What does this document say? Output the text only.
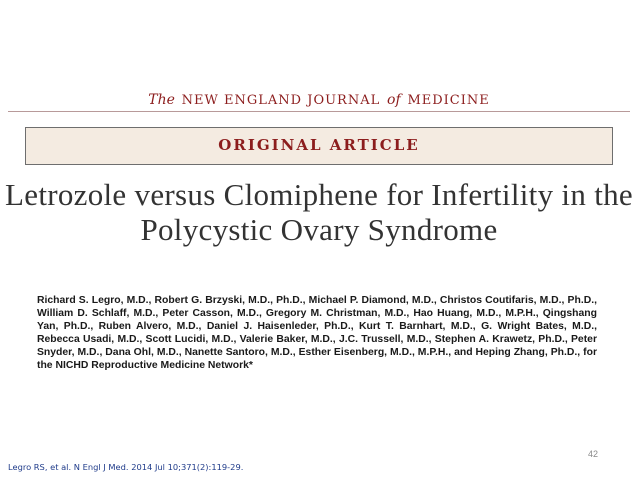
The NEW ENGLAND JOURNAL of MEDICINE
ORIGINAL ARTICLE
Letrozole versus Clomiphene for Infertility in the Polycystic Ovary Syndrome
Richard S. Legro, M.D., Robert G. Brzyski, M.D., Ph.D., Michael P. Diamond, M.D., Christos Coutifaris, M.D., Ph.D., William D. Schlaff, M.D., Peter Casson, M.D., Gregory M. Christman, M.D., Hao Huang, M.D., M.P.H., Qingshang Yan, Ph.D., Ruben Alvero, M.D., Daniel J. Haisenleder, Ph.D., Kurt T. Barnhart, M.D., G. Wright Bates, M.D., Rebecca Usadi, M.D., Scott Lucidi, M.D., Valerie Baker, M.D., J.C. Trussell, M.D., Stephen A. Krawetz, Ph.D., Peter Snyder, M.D., Dana Ohl, M.D., Nanette Santoro, M.D., Esther Eisenberg, M.D., M.P.H., and Heping Zhang, Ph.D., for the NICHD Reproductive Medicine Network*
42
Legro RS, et al. N Engl J Med. 2014 Jul 10;371(2):119-29.
